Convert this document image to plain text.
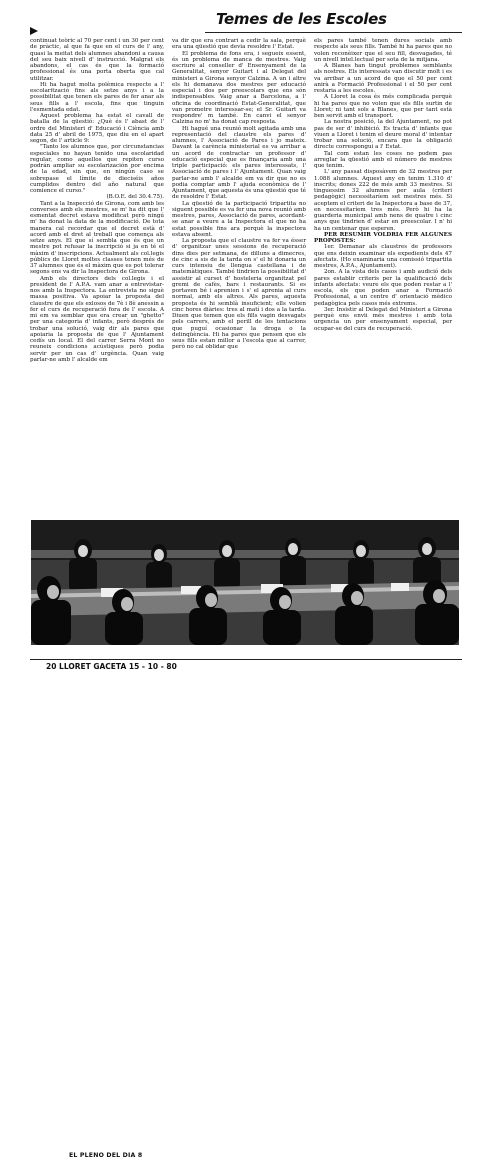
Temes de les Escoles

continuat teòric al 70 per cent i un 30 per cent de pràctic, al que fa que en el curs de l' any, quasi la meitat dels alumnes abandoni a causa del seu baix nivell d' instrucció. Malgrat els abandons, el cas és que la formació professional és una porta oberta que cal utilitzar.

Hi ha hagut molta polèmica respecte a l' escolarització fins als setze anys i a la possibilitat que tenen els pares de fer anar als seus fills a l' escola, fins que tinguin l'esmentada edat.

Aquest problema ha estat el cavall de batalla de la qüestió: ¿Què és l' abast de l' ordre del Ministeri d' Educació i Ciència amb data 25 d' abril de 1975, que diu en el apart segon, de l' article 9:

"Tanto los alumnos que, por circunstancias especiales no hayan tenido una escolaridad regular, como aquellos que repiten curso podrán ampliar su escolarización por encima de la edad, sin que, en ningún caso se sobrepase el límite de dieciséis años cumplidos dentro del año natural que comience el curso."

(B.O.E. del 30.4.75).

Tant a la Inspecció de Girona, com amb les converses amb els mestres, se m' ha dit que l' esmentat decret estava modificat però ningú m' ha donat la data de la modificació. De tota manera cal recordar que el decret està d' acord amb el dret al treball que comença als setze anys. El que sí sembla que és que un mestre pot refusar la inscripció si ja en té el màxim d' inscripcions. Actualment als col.legis públics de Lloret moltes classes tenen més de 37 alumnes que és el màxim que es pot tolerar segons ens va dir la Inspectora de Girona.

Amb els directors dels col.legis i el president de l' A.P.A. vam anar a entrevistar-nos amb la Inspectora. La entrevista no siguè massa positiva. Va apoiar la proposta del claustre de que els exlosos de 7è i 8è anessin a fer el curs de recuperació fora de l' escola. A mi em va semblar que era crear un "ghetto" per una categoria d' infants, però després de trobar una solució, vaig dir als pares que apoiaria la proposta de que l' Ajuntament cedís un local. El del carrer Serra Mont no reuneix condicions acústiques però podia servir per un cas d' urgència. Quan vaig parlar-ne amb l' alcalde em

va dir que era contrari a cedir la sala, perquè era una qüestió que devia resoldre l' Estat.

El problema de fons era, i segueix essent, és un problema de manca de mestres. Vaig escriure al conseller d' Ensenyament de la Generalitat, senyor Guitart i al Delegat del ministeri a Girona senyor Calzina. A un i altre els hi demanava dos mestres per educació especial i dos per preescolars que ens són indispensables. Vaig anar a Barcelona, a l' oficina de coordinació Estat-Generalitat, que van prometre interessar-se; el Sr. Guitart va respondre' m també. En canvi el senyor Calzina no m' ha donat cap resposta.

Hi hagué una reunió molt agitada amb una representació del claustre els pares d' alumnes, l' Associació de Pares i jo mateix. Davant la carència ministerial es va arribar a un acord de contractar un professor d' educació especial que es finançaria amb una triple participació: els pares interessats, l' Associació de pares i l' Ajuntament. Quan vaig parlar-ne amb l' alcalde em va dir que no es podia comptar amb l' ajuda econòmica de l' Ajuntament, que aquesta és una qüestió que té de resoldre l' Estat.

La qüestió de la participació tripartita no siguent possible es va fer una nova reunió amb mestres, pares, Associació de pares, acordant-se anar a veure a la Inspectora el que no ha estat possible fins ara perquè la inspectora estava absent.

La proposta que el claustre va fer va ésser d' organitzar unes sessions de recuperació dins dies per setmana, de dilluns a dimecres, de cinc a sis de la tarda on s' el hi donaria un curs intensiu de llengua castellana i de matemàtiques. També tindrien la possibilitat d' assistir al curset d' hosteleria organitzat pel gremi de cafès, bars i restaurants. Si es portaven bé i aprenien i s' el aprenia al curs normal, amb els altres. Als pares, aquesta proposta és hi semblà insuficient; ells volien cinc hores diàries: tres al matí i dos a la tarda. Diuen que temen que els fills vagin desvagats pels carrers, amb el perill de les tentacions que puguí ocasionar la droga o la delinqüència. Hi ha pares que pensen que els seus fills estan millor a l'escola que al carrer, però no cal oblidar que

els pares també tenen dures socials amb respecte als seus fills. També hi ha pares que no volen reconèixer que el seu fill, desvagades, té un nivell intel.lectual per sota de la mitjana.

A Blanes han tingut problemes semblants als nostres. Els interessats van discutir molt i es va arribar a un acord de que el 50 per cent anirà a Formació Professional i el 50 per cent restaria a les escoles.

A Lloret la cosa és més complicada perquè hi ha pares que no volen que els fills surtin de Lloret; ni tant sols a Blanes, que per tant està ben servit amb el transport.

La nostra posició, la del Ajuntament, no pot pas de ser d' inhibició. Es tracta d' infants que viuen a Lloret i tenim el deure moral d' intentar trobar una solució, encara que la obligació directe correspongui a l' Estat.

Tal com estan les coses no podem pas arreglar la qüestió amb el número de mestres que tenim.

L' any passat disposàvem de 32 mestres per 1.088 alumnes. Aquest any en tenim 1.310 d' inscrits; dones 222 de més amb 33 mestres. Si tinguessim 32 alumnes per aula (criteri pedagògic) necessitaríem set mestres més. Si aceptem el criteri de la Inspectora a base de 37, en necessitaríem tres més. Però hi ha la guarderia municipal amb nens de quatre i cinc anys que tindrien d' estar en preescolar. I n' hi ha un centenar que esperen.

PER RESUMIR VOLDRIA FER ALGUNES PROPOSTES:

1er. Demanar als claustres de professors que ens deixin examinar els expedients dels 47 afectats. (Ho examinaria una comissió tripartita mestres, A.P.A., Ajuntament).

2on. A la vista dels casos i amb audició dels pares establir criteris per la qualificació dels infants afectats: veure els que poden restar a l' escola, els que poden anar a Formació Professional, a un centre d' orientació mèdico pedagògica pels casos més extrems.

3er. Insistir al Delegat del Ministeri a Girona perquè ens envii més mestres i amb tota urgencia un per ensenyament especial, per ocupar-se del curs de recuperació.

EL PLENO DEL DIA 8
20 LLORET GACETA 15 - 10 - 80
